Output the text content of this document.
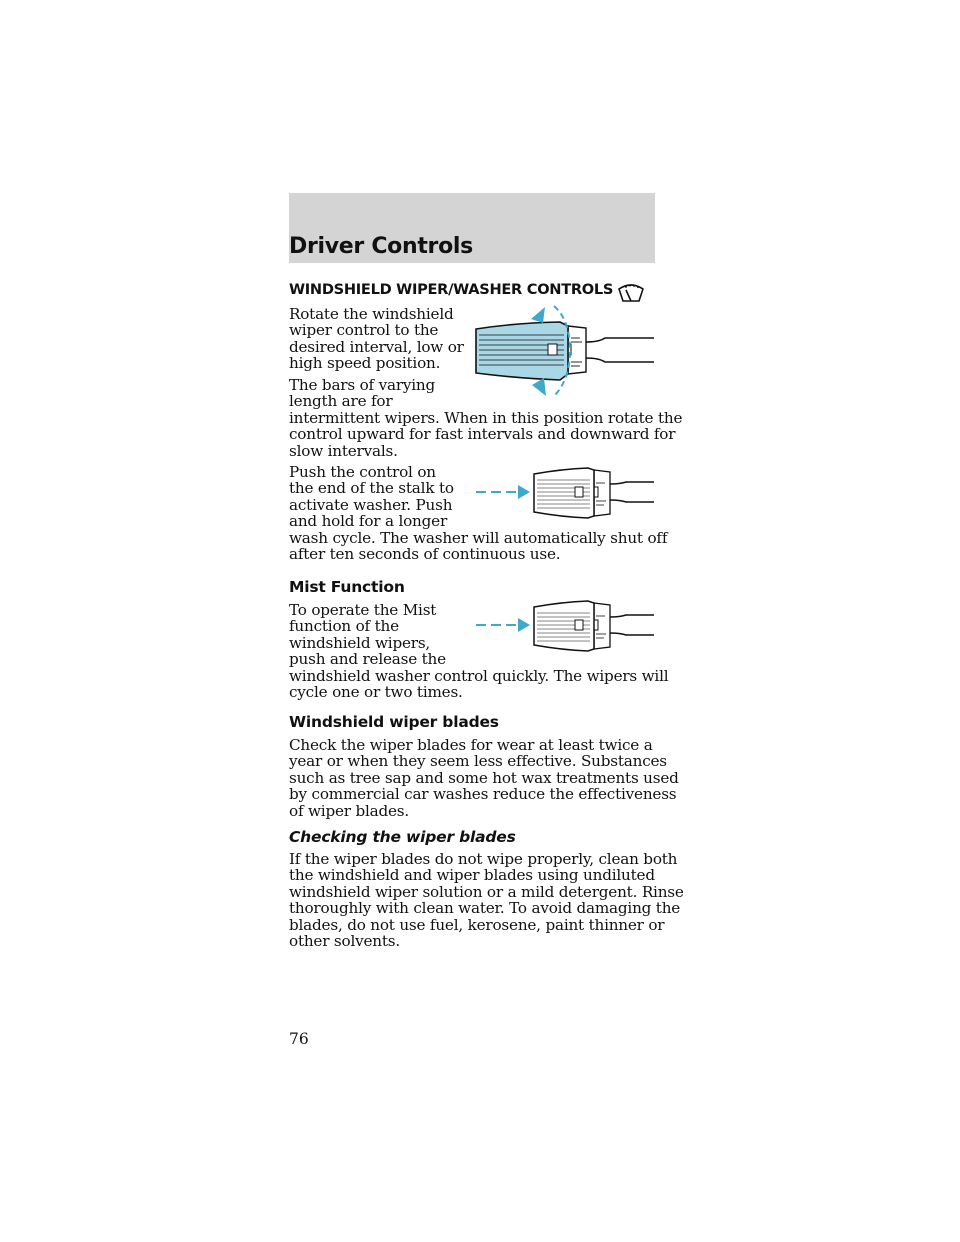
Driver Controls
WINDSHIELD WIPER/WASHER CONTROLS
Rotate the windshield
wiper control to the
desired interval, low or
high speed position.
The bars of varying
length are for
intermittent wipers. When in this position rotate the
control upward for fast intervals and downward for
slow intervals.
Push the control on
the end of the stalk to
activate washer. Push
and hold for a longer
wash cycle. The washer will automatically shut off
after ten seconds of continuous use.
Mist Function
To operate the Mist
function of the
windshield wipers,
push and release the
windshield washer control quickly. The wipers will
cycle one or two times.
Windshield wiper blades
Check the wiper blades for wear at least twice a
year or when they seem less effective. Substances
such as tree sap and some hot wax treatments used
by commercial car washes reduce the effectiveness
of wiper blades.
Checking the wiper blades
If the wiper blades do not wipe properly, clean both
the windshield and wiper blades using undiluted
windshield wiper solution or a mild detergent. Rinse
thoroughly with clean water. To avoid damaging the
blades, do not use fuel, kerosene, paint thinner or
other solvents.
76
